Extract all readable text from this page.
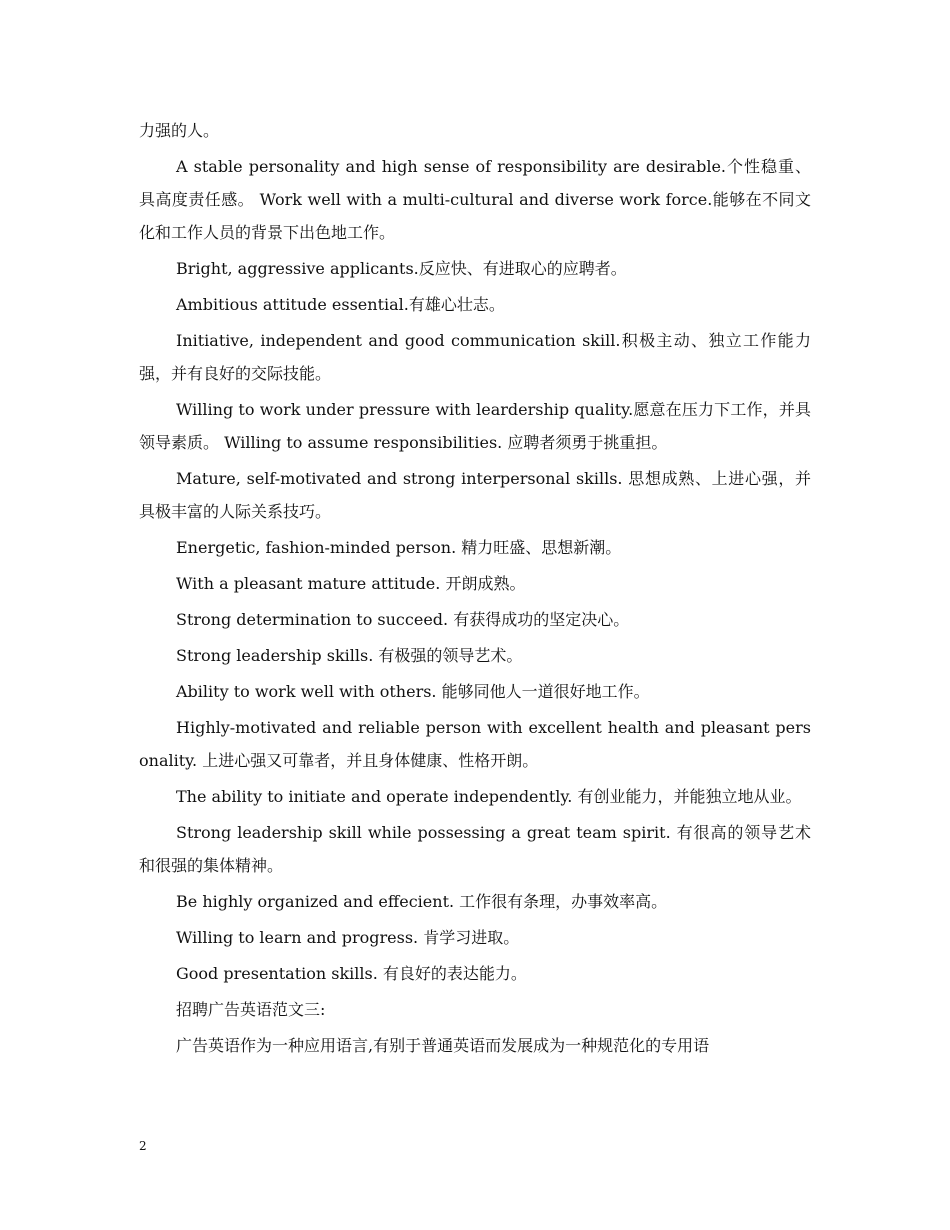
力强的人。

A stable personality and high sense of responsibility are desirable.个性稳重、具高度责任感。 Work well with a multi-cultural and diverse work force.能够在不同文化和工作人员的背景下出色地工作。

Bright, aggressive applicants.反应快、有进取心的应聘者。

Ambitious attitude essential.有雄心壮志。

Initiative, independent and good communication skill.积极主动、独立工作能力强，并有良好的交际技能。

Willing to work under pressure with leardership quality.愿意在压力下工作，并具领导素质。 Willing to assume responsibilities. 应聘者须勇于挑重担。

Mature, self-motivated and strong interpersonal skills. 思想成熟、上进心强，并具极丰富的人际关系技巧。

Energetic, fashion-minded person. 精力旺盛、思想新潮。

With a pleasant mature attitude. 开朗成熟。

Strong determination to succeed. 有获得成功的坚定决心。

Strong leadership skills. 有极强的领导艺术。

Ability to work well with others. 能够同他人一道很好地工作。

Highly-motivated and reliable person with excellent health and pleasant personality. 上进心强又可靠者，并且身体健康、性格开朗。

The ability to initiate and operate independently. 有创业能力，并能独立地从业。

Strong leadership skill while possessing a great team spirit. 有很高的领导艺术和很强的集体精神。

Be highly organized and effecient. 工作很有条理，办事效率高。

Willing to learn and progress. 肯学习进取。

Good presentation skills. 有良好的表达能力。

招聘广告英语范文三:

广告英语作为一种应用语言,有别于普通英语而发展成为一种规范化的专用语

2
